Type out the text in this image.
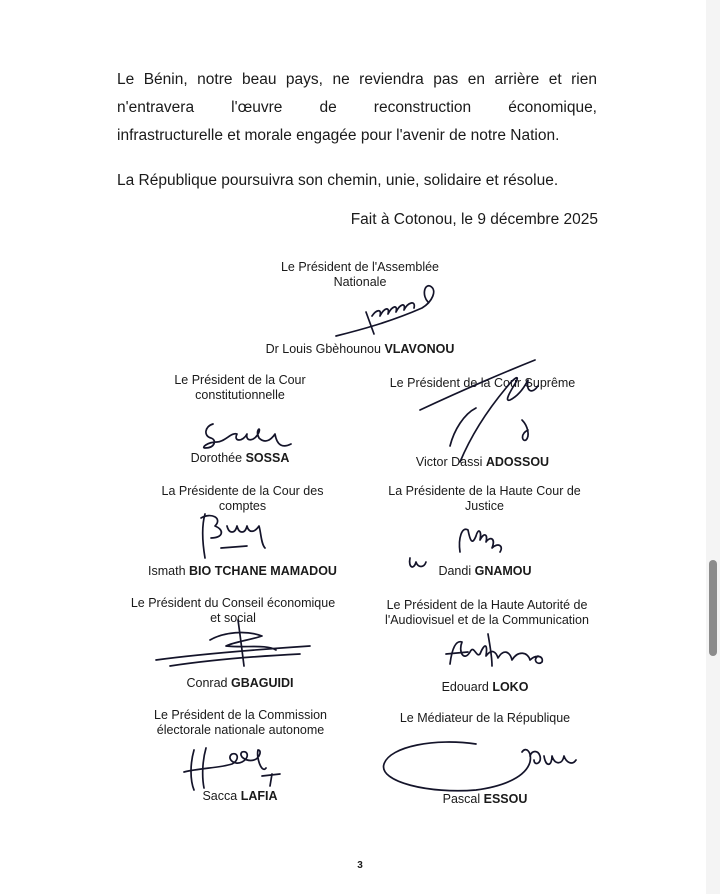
Le Bénin, notre beau pays, ne reviendra pas en arrière et rien
n'entravera l'œuvre de reconstruction économique,
infrastructurelle et morale engagée pour l'avenir de notre Nation.

La République poursuivra son chemin, unie, solidaire et résolue.

Fait à Cotonou, le 9 décembre 2025
Le Président de l'Assemblée
Nationale
Dr Louis Gbèhounou VLAVONOU
Le Président de la Cour
constitutionnelle
Dorothée SOSSA
Le Président de la Cour Suprême
Victor Dassi ADOSSOU
La Présidente de la Cour des
comptes
Ismath BIO TCHANE MAMADOU
La Présidente de la Haute Cour de
Justice
Dandi GNAMOU
Le Président du Conseil économique
et social
Conrad GBAGUIDI
Le Président de la Haute Autorité de
l'Audiovisuel et de la Communication
Edouard LOKO
Le Président de la Commission
électorale nationale autonome
Sacca LAFIA
Le Médiateur de la République
Pascal ESSOU
3
